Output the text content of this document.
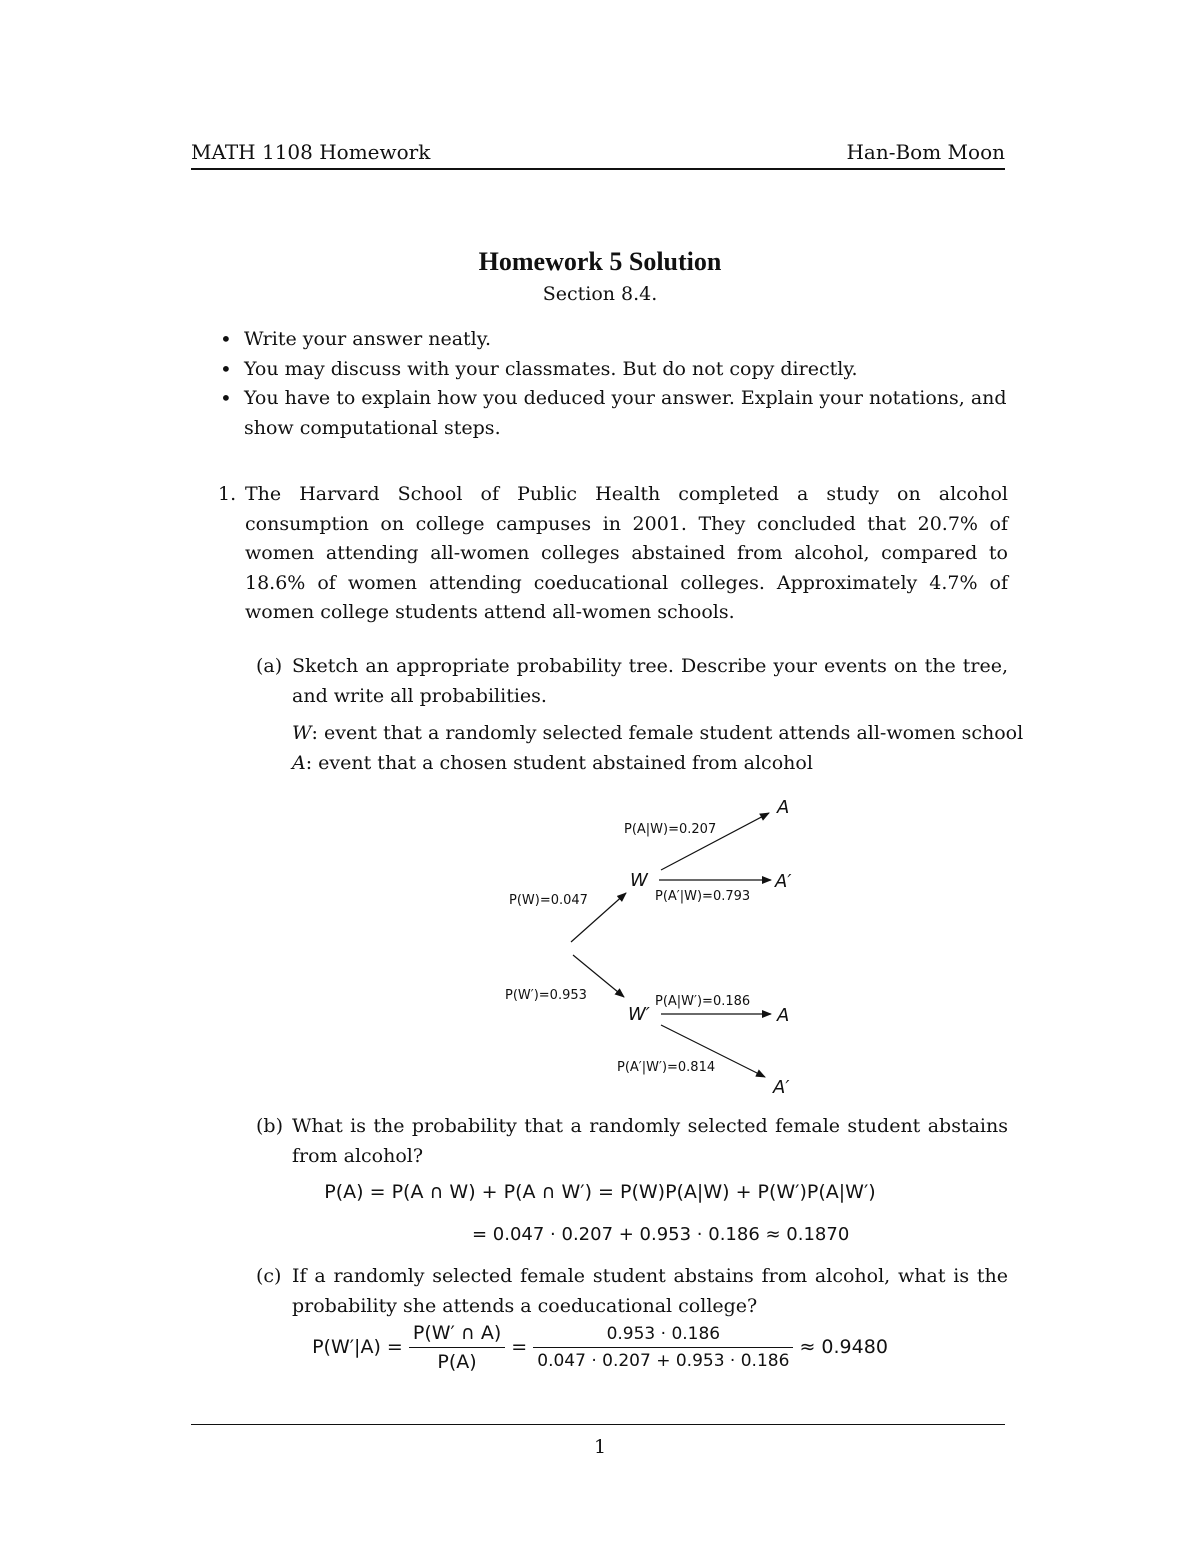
MATH 1108 Homework	Han-Bom Moon
Homework 5 Solution
Section 8.4.
• Write your answer neatly.
• You may discuss with your classmates. But do not copy directly.
• You have to explain how you deduced your answer. Explain your notations, and show computational steps.
1. The Harvard School of Public Health completed a study on alcohol consumption on college campuses in 2001. They concluded that 20.7% of women attending all-women colleges abstained from alcohol, compared to 18.6% of women attending coeducational colleges. Approximately 4.7% of women college students attend all-women schools.
(a) Sketch an appropriate probability tree. Describe your events on the tree, and write all probabilities.
W: event that a randomly selected female student attends all-women school
A: event that a chosen student abstained from alcohol
W
W′
A
A′
A
A′
P(W)=0.047
P(W′)=0.953
P(A|W)=0.207
P(A′|W)=0.793
P(A|W′)=0.186
P(A′|W′)=0.814
(b) What is the probability that a randomly selected female student abstains from alcohol?
P(A) = P(A ∩ W) + P(A ∩ W′) = P(W)P(A|W) + P(W′)P(A|W′)
= 0.047 · 0.207 + 0.953 · 0.186 ≈ 0.1870
(c) If a randomly selected female student abstains from alcohol, what is the probability she attends a coeducational college?
$P(W'|A) = \frac{P(W' \cap A)}{P(A)} = \frac{0.953 \cdot 0.186}{0.047 \cdot 0.207 + 0.953 \cdot 0.186} \approx 0.9480$
1
